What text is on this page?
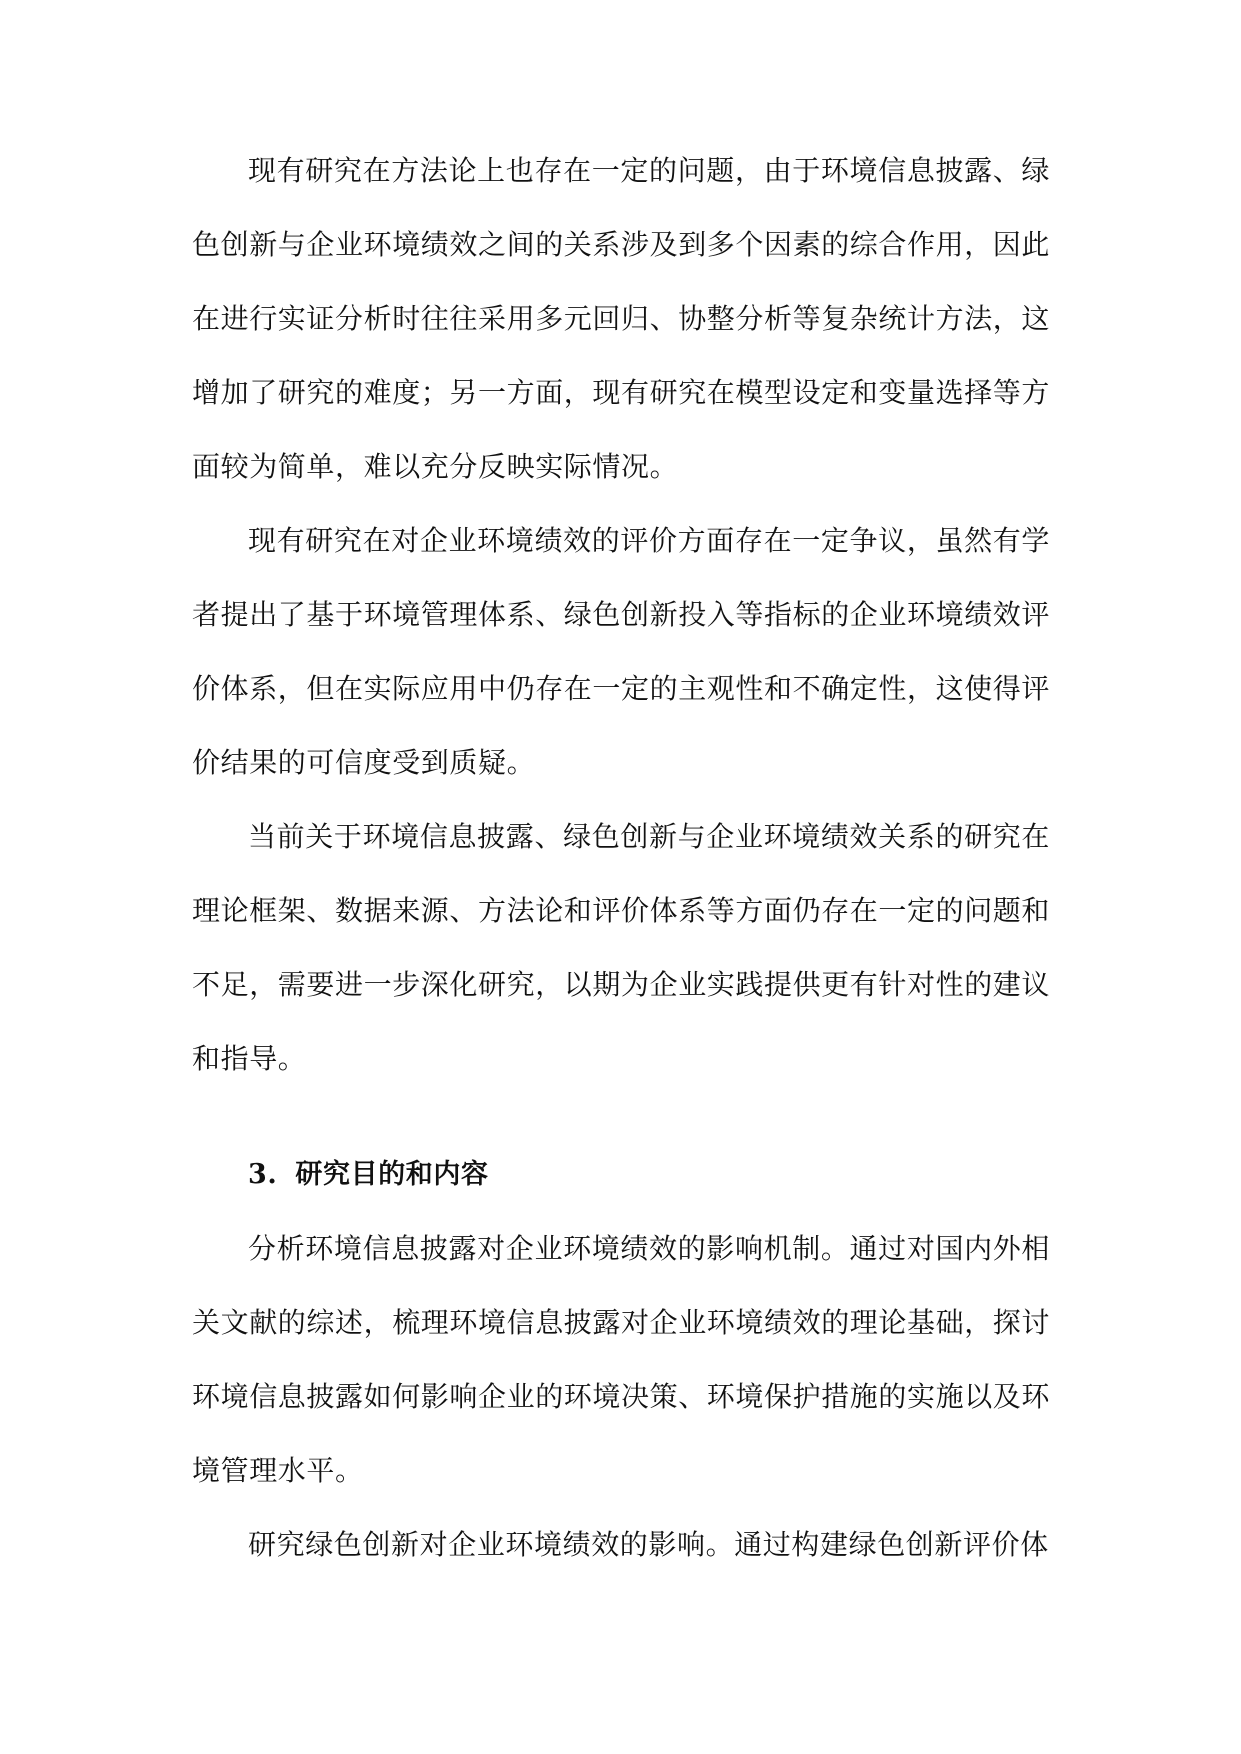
现有研究在方法论上也存在一定的问题，由于环境信息披露、绿色创新与企业环境绩效之间的关系涉及到多个因素的综合作用，因此在进行实证分析时往往采用多元回归、协整分析等复杂统计方法，这增加了研究的难度；另一方面，现有研究在模型设定和变量选择等方面较为简单，难以充分反映实际情况。

现有研究在对企业环境绩效的评价方面存在一定争议，虽然有学者提出了基于环境管理体系、绿色创新投入等指标的企业环境绩效评价体系，但在实际应用中仍存在一定的主观性和不确定性，这使得评价结果的可信度受到质疑。

当前关于环境信息披露、绿色创新与企业环境绩效关系的研究在理论框架、数据来源、方法论和评价体系等方面仍存在一定的问题和不足，需要进一步深化研究，以期为企业实践提供更有针对性的建议和指导。

3. 研究目的和内容

分析环境信息披露对企业环境绩效的影响机制。通过对国内外相关文献的综述，梳理环境信息披露对企业环境绩效的理论基础，探讨环境信息披露如何影响企业的环境决策、环境保护措施的实施以及环境管理水平。

研究绿色创新对企业环境绩效的影响。通过构建绿色创新评价体
